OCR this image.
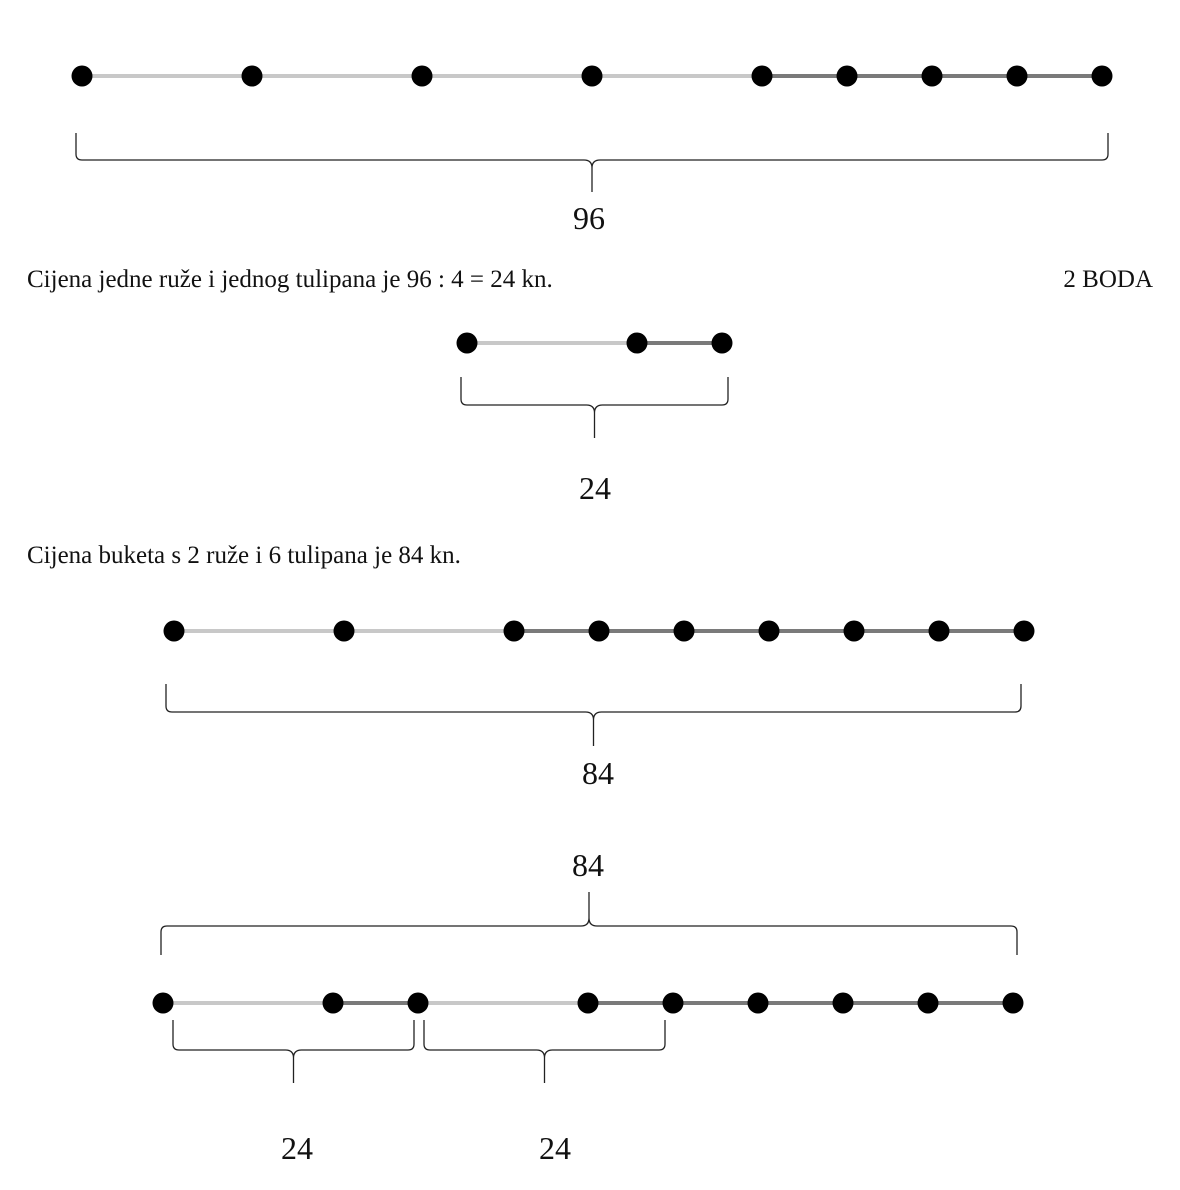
96
Cijena jedne ruže i jednog tulipana je 96 : 4 = 24 kn.	2 BODA
24
Cijena buketa s 2 ruže i 6 tulipana je 84 kn.
84
84
24	24
